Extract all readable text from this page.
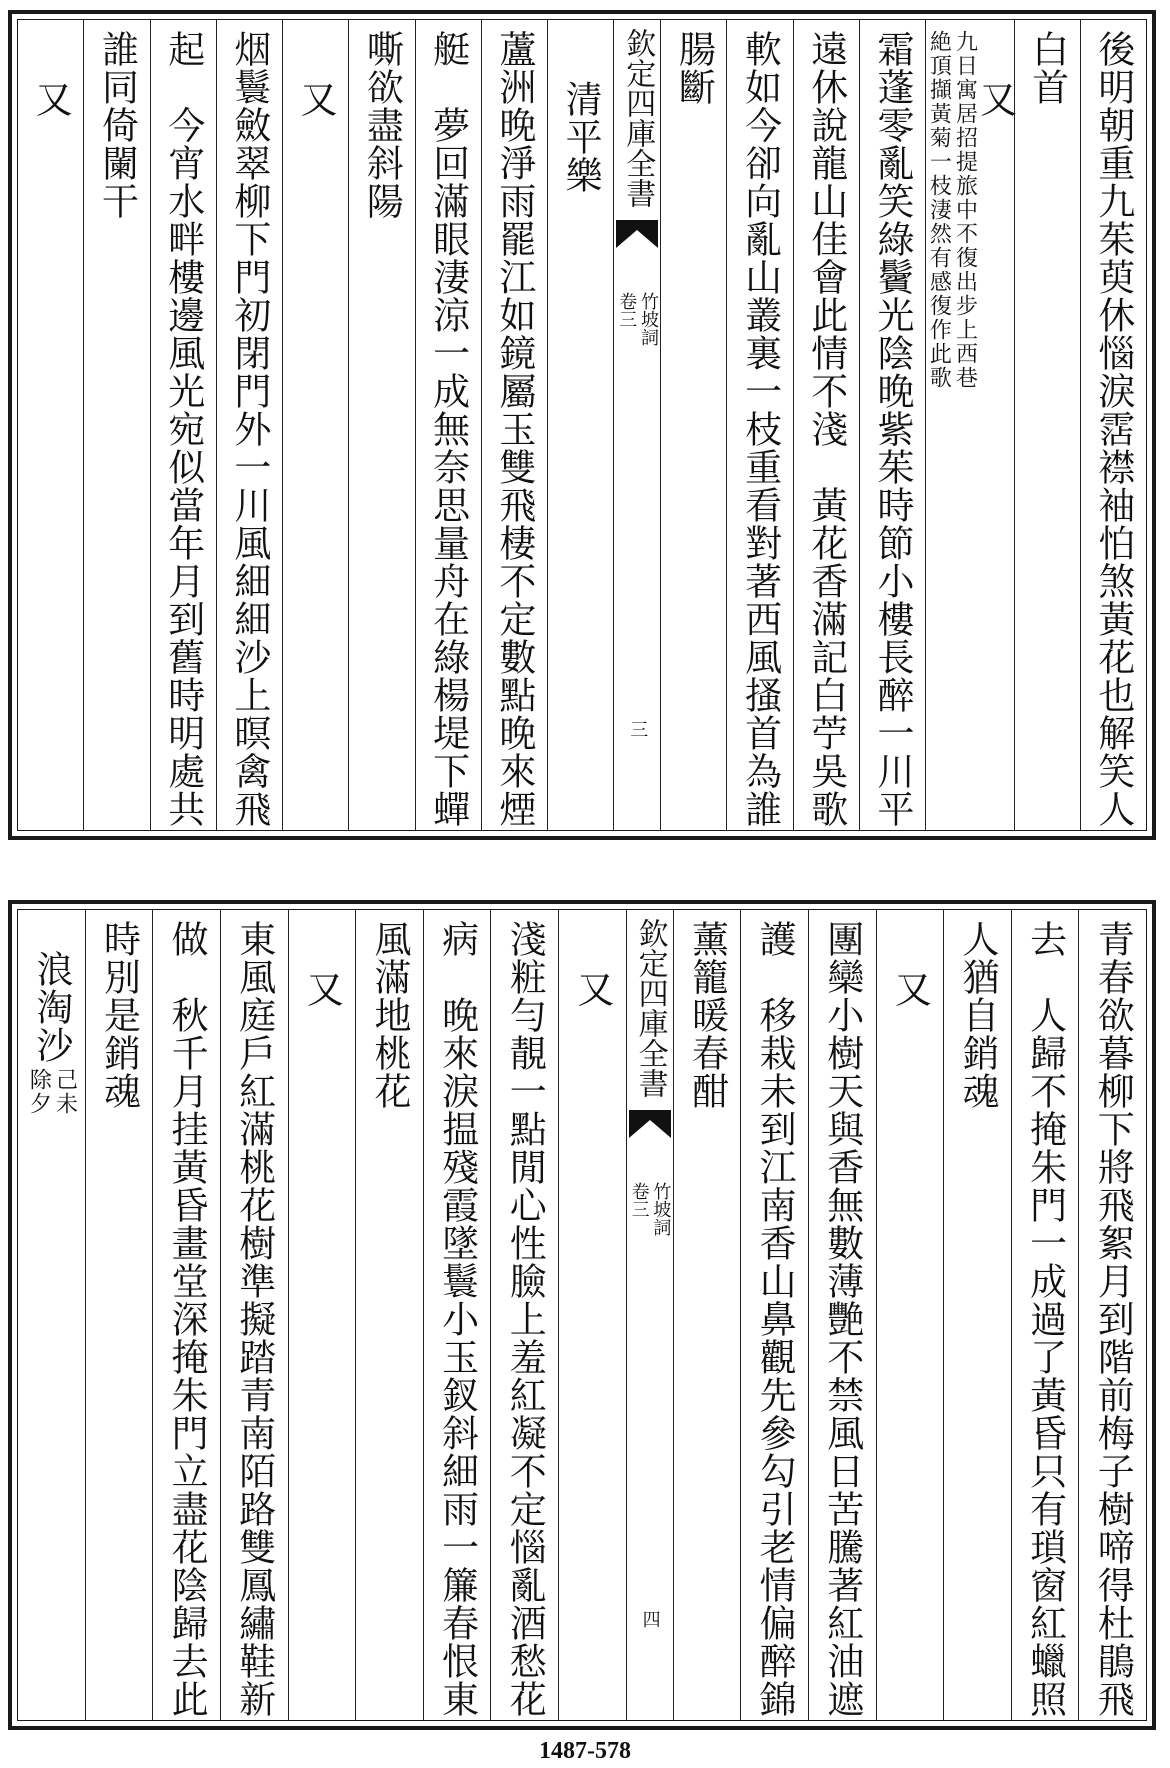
後明朝重九茱萸休惱淚霑襟袖怕煞黃花也解笑人
白首
又
九日寓居招提旅中不復出步上西巷
絶頂擷黃菊一枝淒然有感復作此歌
霜蓬零亂笑綠鬢光陰晚紫茱時節小樓長醉一川平
遠休說龍山佳會此情不淺　黃花香滿記白苧吳歌
軟如今卻向亂山叢裏一枝重看對著西風搔首為誰
腸斷
欽定四庫全書
竹坡詞
卷三
三
清平樂
蘆洲晚淨雨罷江如鏡屬玉雙飛棲不定數點晚來煙
艇　夢回滿眼淒涼一成無奈思量舟在綠楊堤下蟬
嘶欲盡斜陽
又
烟鬟斂翠柳下門初閉門外一川風細細沙上暝禽飛
起　今宵水畔樓邊風光宛似當年月到舊時明處共
誰同倚闌干
又
青春欲暮柳下將飛絮月到階前梅子樹啼得杜鵑飛
去　人歸不掩朱門一成過了黃昏只有瑣窗紅蠟照
人猶自銷魂
又
團欒小樹天與香無數薄艷不禁風日苦騰著紅油遮
護　移栽未到江南香山鼻觀先參勾引老情偏醉錦
薰籠暖春酣
欽定四庫全書
竹坡詞
卷三
四
又
淺粧勻靚一點閒心性臉上羞紅凝不定惱亂酒愁花
病　晚來淚揾殘霞墜鬟小玉釵斜細雨一簾春恨東
風滿地桃花
又
東風庭戶紅滿桃花樹準擬踏青南陌路雙鳳繡鞋新
做　秋千月挂黃昏畫堂深掩朱門立盡花陰歸去此
時別是銷魂
浪淘沙
己未
除夕
1487-578
